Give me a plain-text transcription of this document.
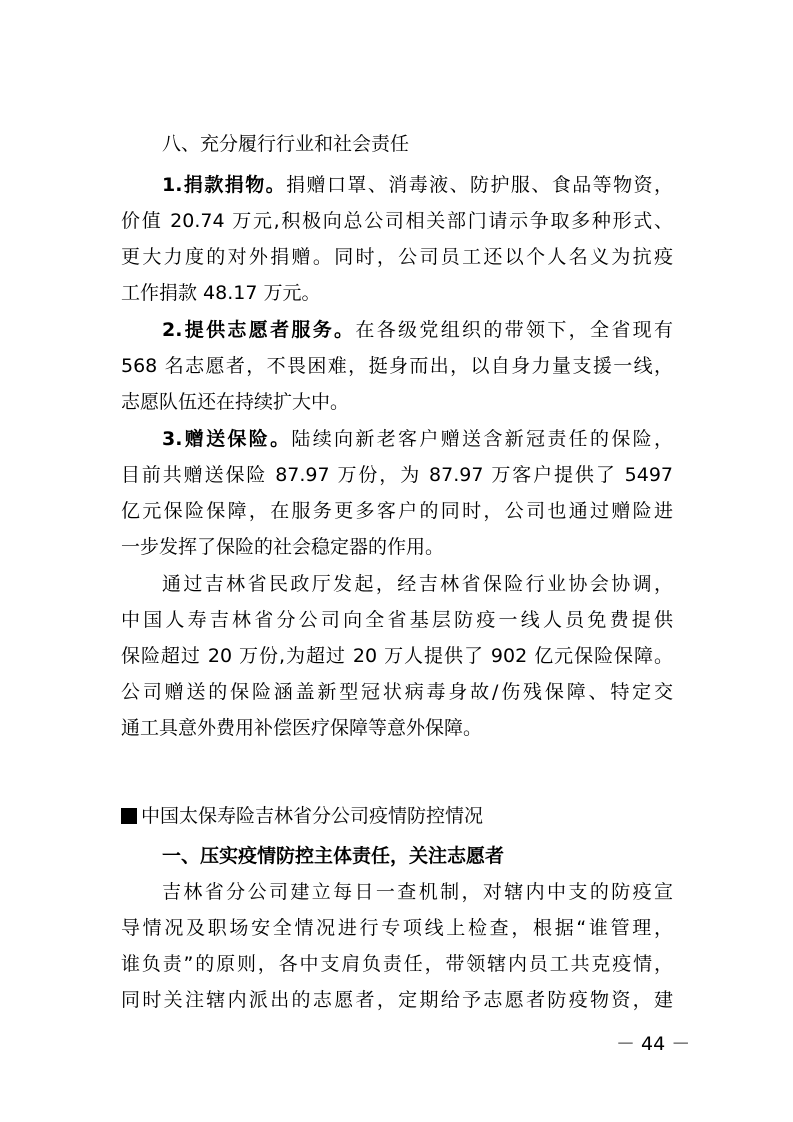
八、充分履行行业和社会责任
1.捐款捐物。捐赠口罩、消毒液、防护服、食品等物资，
价值 20.74 万元,积极向总公司相关部门请示争取多种形式、
更大力度的对外捐赠。同时，公司员工还以个人名义为抗疫
工作捐款 48.17 万元。
2.提供志愿者服务。在各级党组织的带领下，全省现有
568 名志愿者，不畏困难，挺身而出，以自身力量支援一线，
志愿队伍还在持续扩大中。
3.赠送保险。陆续向新老客户赠送含新冠责任的保险，
目前共赠送保险 87.97 万份，为 87.97 万客户提供了 5497
亿元保险保障，在服务更多客户的同时，公司也通过赠险进
一步发挥了保险的社会稳定器的作用。
通过吉林省民政厅发起，经吉林省保险行业协会协调，
中国人寿吉林省分公司向全省基层防疫一线人员免费提供
保险超过 20 万份,为超过 20 万人提供了 902 亿元保险保障。
公司赠送的保险涵盖新型冠状病毒身故/伤残保障、特定交
通工具意外费用补偿医疗保障等意外保障。
中国太保寿险吉林省分公司疫情防控情况
一、压实疫情防控主体责任，关注志愿者
吉林省分公司建立每日一查机制，对辖内中支的防疫宣
导情况及职场安全情况进行专项线上检查，根据“谁管理，
谁负责”的原则，各中支肩负责任，带领辖内员工共克疫情，
同时关注辖内派出的志愿者，定期给予志愿者防疫物资，建
－ 44 －
